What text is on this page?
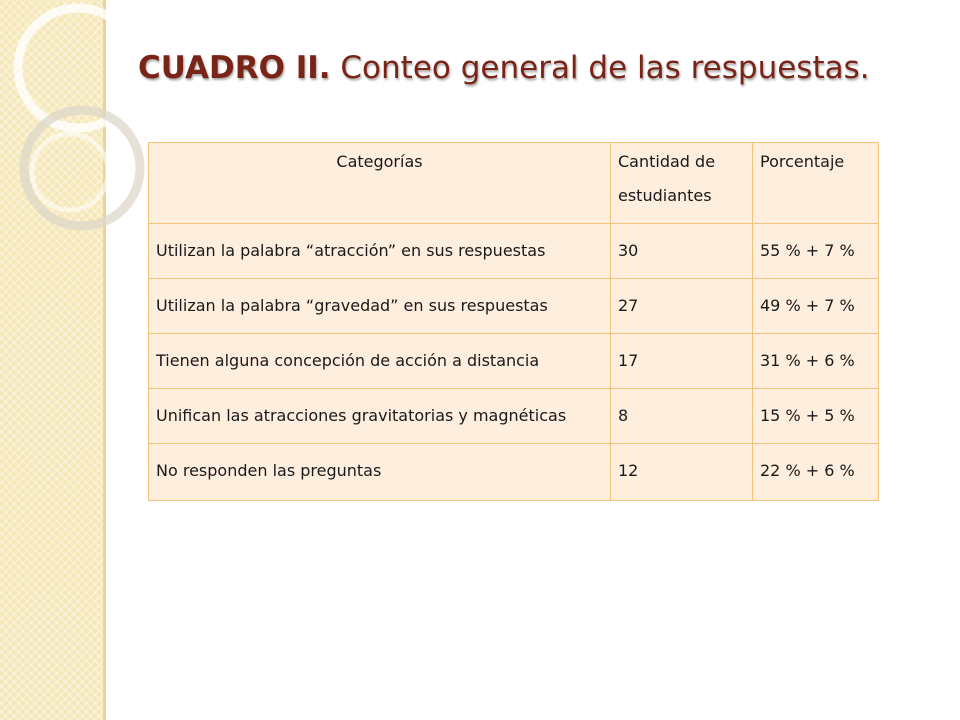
CUADRO II. Conteo general de las respuestas.
Categorías	Cantidad de estudiantes	Porcentaje
Utilizan la palabra “atracción” en sus respuestas	30	55 % + 7 %
Utilizan la palabra “gravedad” en sus respuestas	27	49 % + 7 %
Tienen alguna concepción de acción a distancia	17	31 % + 6 %
Unifican las atracciones gravitatorias y magnéticas	8	15 % + 5 %
No responden las preguntas	12	22 % + 6 %
